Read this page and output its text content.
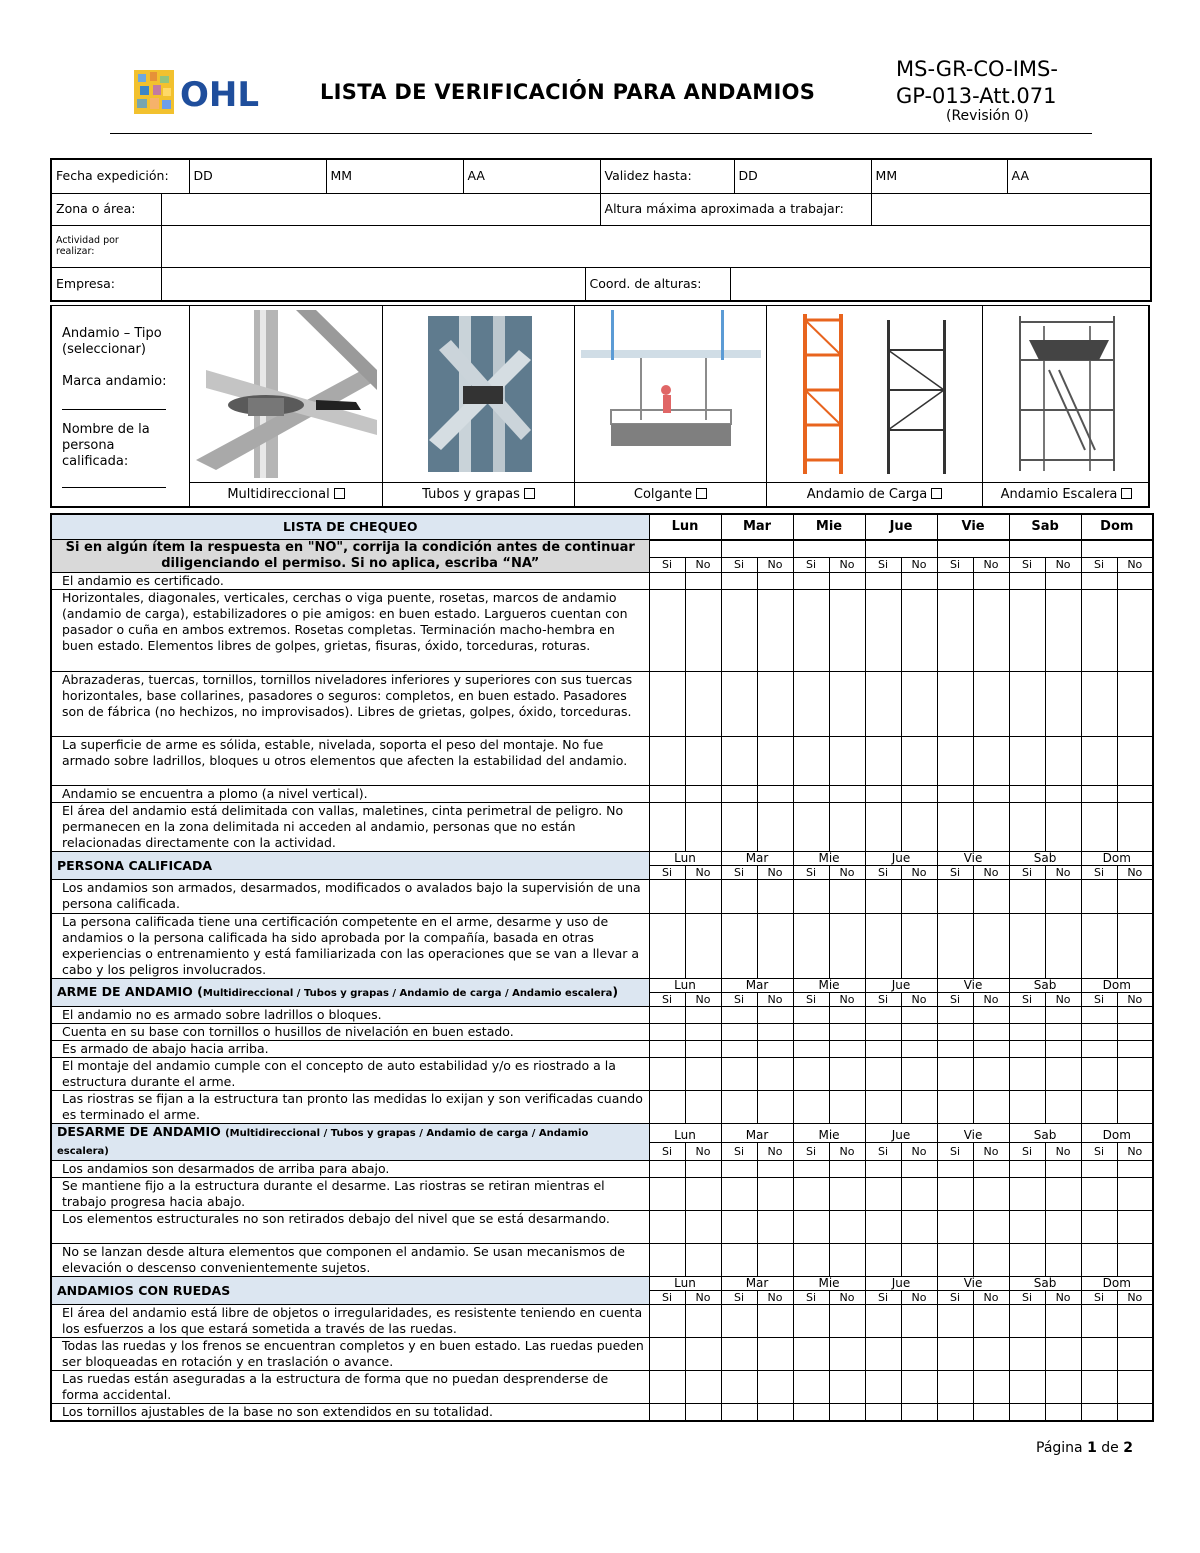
OHL	LISTA DE VERIFICACIÓN PARA ANDAMIOS
MS-GR-CO-IMS-
GP-013-Att.071
(Revisión 0)
Fecha expedición:		DD	MM	AA		Validez hasta:		DD	MM	AA
Zona o área:						Altura máxima aproximada a trabajar:				
Actividad por realizar:										
Empresa:					Coord. de alturas:					
Andamio – Tipo (seleccionar)
Marca andamio:
Nombre de la persona calificada:
Multidireccional	Tubos y grapas	Colgante	Andamio de Carga	Andamio Escalera
LISTA DE CHEQUEO	Lun		Mar		Mie		Jue		Vie		Sab		Dom	
Si en algún ítem la respuesta en "NO", corrija la condición antes de continuar diligenciando el permiso. Si no aplica, escriba “NA”														
	Si	No	Si	No	Si	No	Si	No	Si	No	Si	No	Si	No
El andamio es certificado.														
Horizontales, diagonales, verticales, cerchas o viga puente, rosetas, marcos de andamio (andamio de carga), estabilizadores o pie amigos: en buen estado. Largueros cuentan con pasador o cuña en ambos extremos. Rosetas completas. Terminación macho-hembra en buen estado. Elementos libres de golpes, grietas, fisuras, óxido, torceduras, roturas.														
Abrazaderas, tuercas, tornillos, tornillos niveladores inferiores y superiores con sus tuercas horizontales, base collarines, pasadores o seguros: completos, en buen estado. Pasadores son de fábrica (no hechizos, no improvisados). Libres de grietas, golpes, óxido, torceduras.														
La superficie de arme es sólida, estable, nivelada, soporta el peso del montaje. No fue armado sobre ladrillos, bloques u otros elementos que afecten la estabilidad del andamio.														
Andamio se encuentra a plomo (a nivel vertical).														
El área del andamio está delimitada con vallas, maletines, cinta perimetral de peligro. No permanecen en la zona delimitada ni acceden al andamio, personas que no están relacionadas directamente con la actividad.														
PERSONA CALIFICADA	Lun		Mar		Mie		Jue		Vie		Sab		Dom	
	Si	No	Si	No	Si	No	Si	No	Si	No	Si	No	Si	No
Los andamios son armados, desarmados, modificados o avalados bajo la supervisión de una persona calificada.														
La persona calificada tiene una certificación competente en el arme, desarme y uso de andamios o la persona calificada ha sido aprobada por la compañía, basada en otras experiencias o entrenamiento y está familiarizada con las operaciones que se van a llevar a cabo y los peligros involucrados.														
ARME DE ANDAMIO (Multidireccional / Tubos y grapas / Andamio de carga / Andamio escalera)	Lun		Mar		Mie		Jue		Vie		Sab		Dom	
	Si	No	Si	No	Si	No	Si	No	Si	No	Si	No	Si	No
El andamio no es armado sobre ladrillos o bloques.														
Cuenta en su base con tornillos o husillos de nivelación en buen estado.														
Es armado de abajo hacia arriba.														
El montaje del andamio cumple con el concepto de auto estabilidad y/o es riostrado a la estructura durante el arme.														
Las riostras se fijan a la estructura tan pronto las medidas lo exijan y son verificadas cuando es terminado el arme.														
DESARME DE ANDAMIO (Multidireccional / Tubos y grapas / Andamio de carga / Andamio escalera)	Lun		Mar		Mie		Jue		Vie		Sab		Dom	
	Si	No	Si	No	Si	No	Si	No	Si	No	Si	No	Si	No
Los andamios son desarmados de arriba para abajo.														
Se mantiene fijo a la estructura durante el desarme. Las riostras se retiran mientras el trabajo progresa hacia abajo.														
Los elementos estructurales no son retirados debajo del nivel que se está desarmando.														
No se lanzan desde altura elementos que componen el andamio. Se usan mecanismos de elevación o descenso convenientemente sujetos.														
ANDAMIOS CON RUEDAS	Lun		Mar		Mie		Jue		Vie		Sab		Dom	
	Si	No	Si	No	Si	No	Si	No	Si	No	Si	No	Si	No
El área del andamio está libre de objetos o irregularidades, es resistente teniendo en cuenta los esfuerzos a los que estará sometida a través de las ruedas.														
Todas las ruedas y los frenos se encuentran completos y en buen estado. Las ruedas pueden ser bloqueadas en rotación y en traslación o avance.														
Las ruedas están aseguradas a la estructura de forma que no puedan desprenderse de forma accidental.														
Los tornillos ajustables de la base no son extendidos en su totalidad.														
Página 1 de 2
